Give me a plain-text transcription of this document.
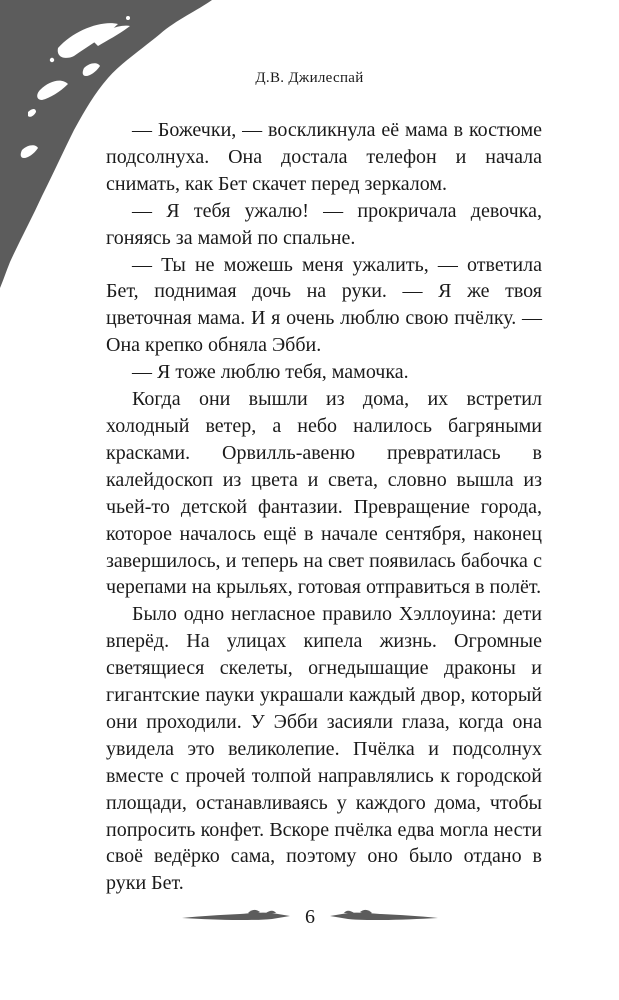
Д.В. Джилеспай

— Божечки, — воскликнула её мама в костюме подсолнуха. Она достала телефон и начала снимать, как Бет скачет перед зеркалом.

— Я тебя ужалю! — прокричала девочка, гоняясь за мамой по спальне.

— Ты не можешь меня ужалить, — ответила Бет, поднимая дочь на руки. — Я же твоя цветочная мама. И я очень люблю свою пчёлку. — Она крепко обняла Эбби.

— Я тоже люблю тебя, мамочка.

Когда они вышли из дома, их встретил холодный ветер, а небо налилось багряными красками. Орвилль-авеню превратилась в калейдоскоп из цвета и света, словно вышла из чьей-то детской фантазии. Превращение города, которое началось ещё в начале сентября, наконец завершилось, и теперь на свет появилась бабочка с черепами на крыльях, готовая отправиться в полёт.

Было одно негласное правило Хэллоуина: дети вперёд. На улицах кипела жизнь. Огромные светящиеся скелеты, огнедышащие драконы и гигантские пауки украшали каждый двор, который они проходили. У Эбби засияли глаза, когда она увидела это великолепие. Пчёлка и подсолнух вместе с прочей толпой направлялись к городской площади, останавливаясь у каждого дома, чтобы попросить конфет. Вскоре пчёлка едва могла нести своё ведёрко сама, поэтому оно было отдано в руки Бет.

6
